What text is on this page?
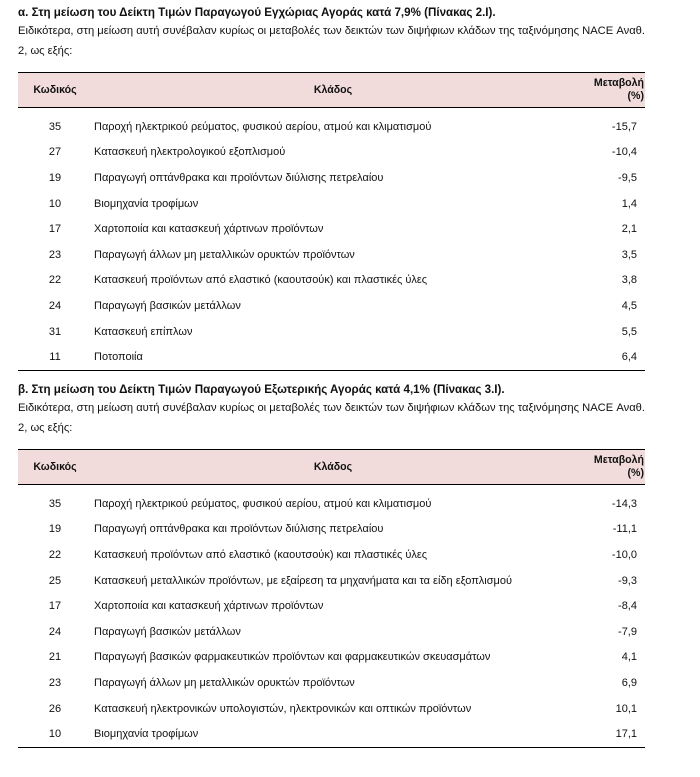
α. Στη μείωση του Δείκτη Τιμών Παραγωγού Εγχώριας Αγοράς κατά 7,9% (Πίνακας 2.Ι).

Ειδικότερα, στη μείωση αυτή συνέβαλαν κυρίως οι μεταβολές των δεικτών των διψήφιων κλάδων της ταξινόμησης NACE Αναθ. 2, ως εξής:

Κωδικός	Κλάδος	Μεταβολή
(%)
35	Παροχή ηλεκτρικού ρεύματος, φυσικού αερίου, ατμού και κλιματισμού	-15,7
27	Κατασκευή ηλεκτρολογικού εξοπλισμού	-10,4
19	Παραγωγή οπτάνθρακα και προϊόντων διύλισης πετρελαίου	-9,5
10	Βιομηχανία τροφίμων	1,4
17	Χαρτοποιία και κατασκευή χάρτινων προϊόντων	2,1
23	Παραγωγή άλλων μη μεταλλικών ορυκτών προϊόντων	3,5
22	Κατασκευή προϊόντων από ελαστικό (καουτσούκ) και πλαστικές ύλες	3,8
24	Παραγωγή βασικών μετάλλων	4,5
31	Κατασκευή επίπλων	5,5
11	Ποτοποιία	6,4

β. Στη μείωση του Δείκτη Τιμών Παραγωγού Εξωτερικής Αγοράς κατά 4,1% (Πίνακας 3.Ι).

Ειδικότερα, στη μείωση αυτή συνέβαλαν κυρίως οι μεταβολές των δεικτών των διψήφιων κλάδων της ταξινόμησης NACE Αναθ. 2, ως εξής:

Κωδικός	Κλάδος	Μεταβολή
(%)
35	Παροχή ηλεκτρικού ρεύματος, φυσικού αερίου, ατμού και κλιματισμού	-14,3
19	Παραγωγή οπτάνθρακα και προϊόντων διύλισης πετρελαίου	-11,1
22	Κατασκευή προϊόντων από ελαστικό (καουτσούκ) και πλαστικές ύλες	-10,0
25	Κατασκευή μεταλλικών προϊόντων, με εξαίρεση τα μηχανήματα και τα είδη εξοπλισμού	-9,3
17	Χαρτοποιία και κατασκευή χάρτινων προϊόντων	-8,4
24	Παραγωγή βασικών μετάλλων	-7,9
21	Παραγωγή βασικών φαρμακευτικών προϊόντων και φαρμακευτικών σκευασμάτων	4,1
23	Παραγωγή άλλων μη μεταλλικών ορυκτών προϊόντων	6,9
26	Κατασκευή ηλεκτρονικών υπολογιστών, ηλεκτρονικών και οπτικών προϊόντων	10,1
10	Βιομηχανία τροφίμων	17,1
